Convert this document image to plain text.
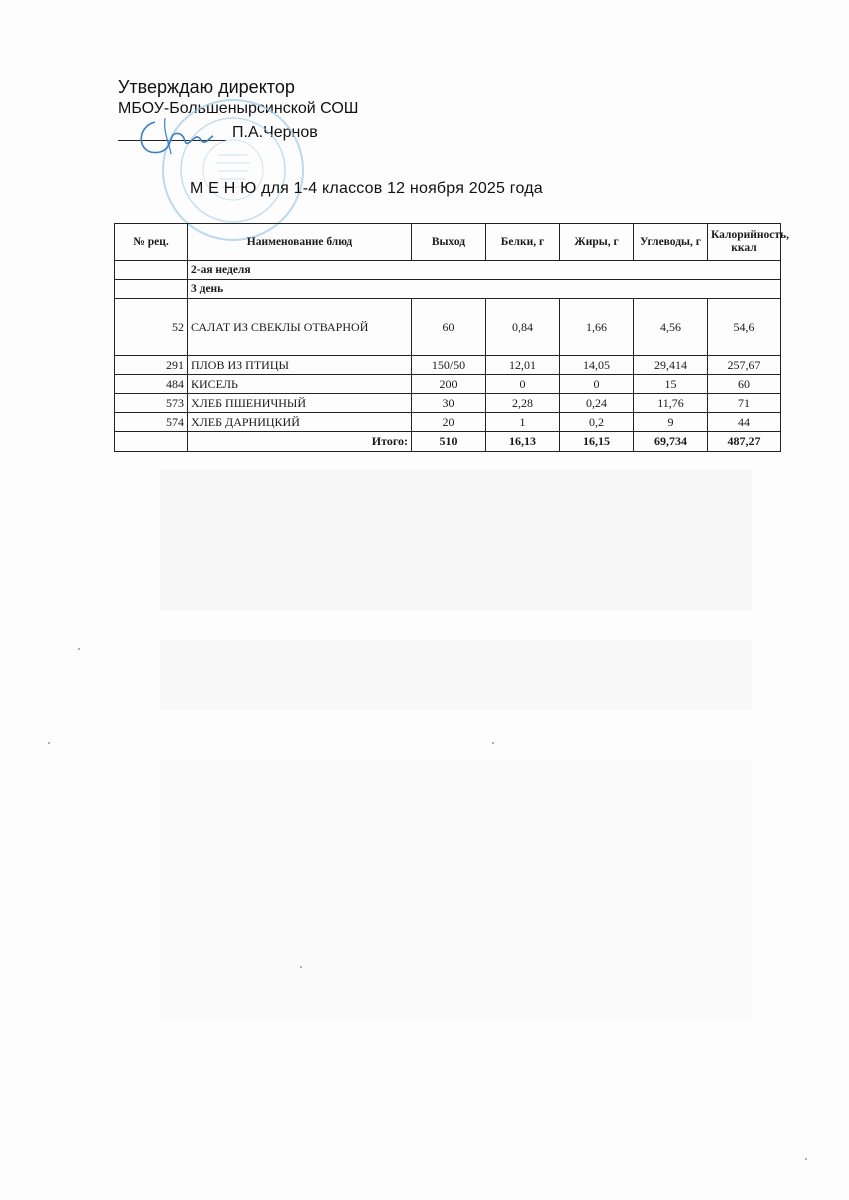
Утверждаю директор
МБОУ-Большенырсинской СОШ
П.А.Чернов
М Е Н Ю для 1-4 классов 12 ноября 2025 года
№ рец.	Наименование блюд	Выход	Белки, г	Жиры, г	Углеводы, г	Калорийность, ккал
	2-ая неделя					
	3 день					
52	САЛАТ ИЗ СВЕКЛЫ ОТВАРНОЙ	60	0,84	1,66	4,56	54,6
291	ПЛОВ ИЗ ПТИЦЫ	150/50	12,01	14,05	29,414	257,67
484	КИСЕЛЬ	200	0	0	15	60
573	ХЛЕБ ПШЕНИЧНЫЙ	30	2,28	0,24	11,76	71
574	ХЛЕБ ДАРНИЦКИЙ	20	1	0,2	9	44
	Итого:	510	16,13	16,15	69,734	487,27
